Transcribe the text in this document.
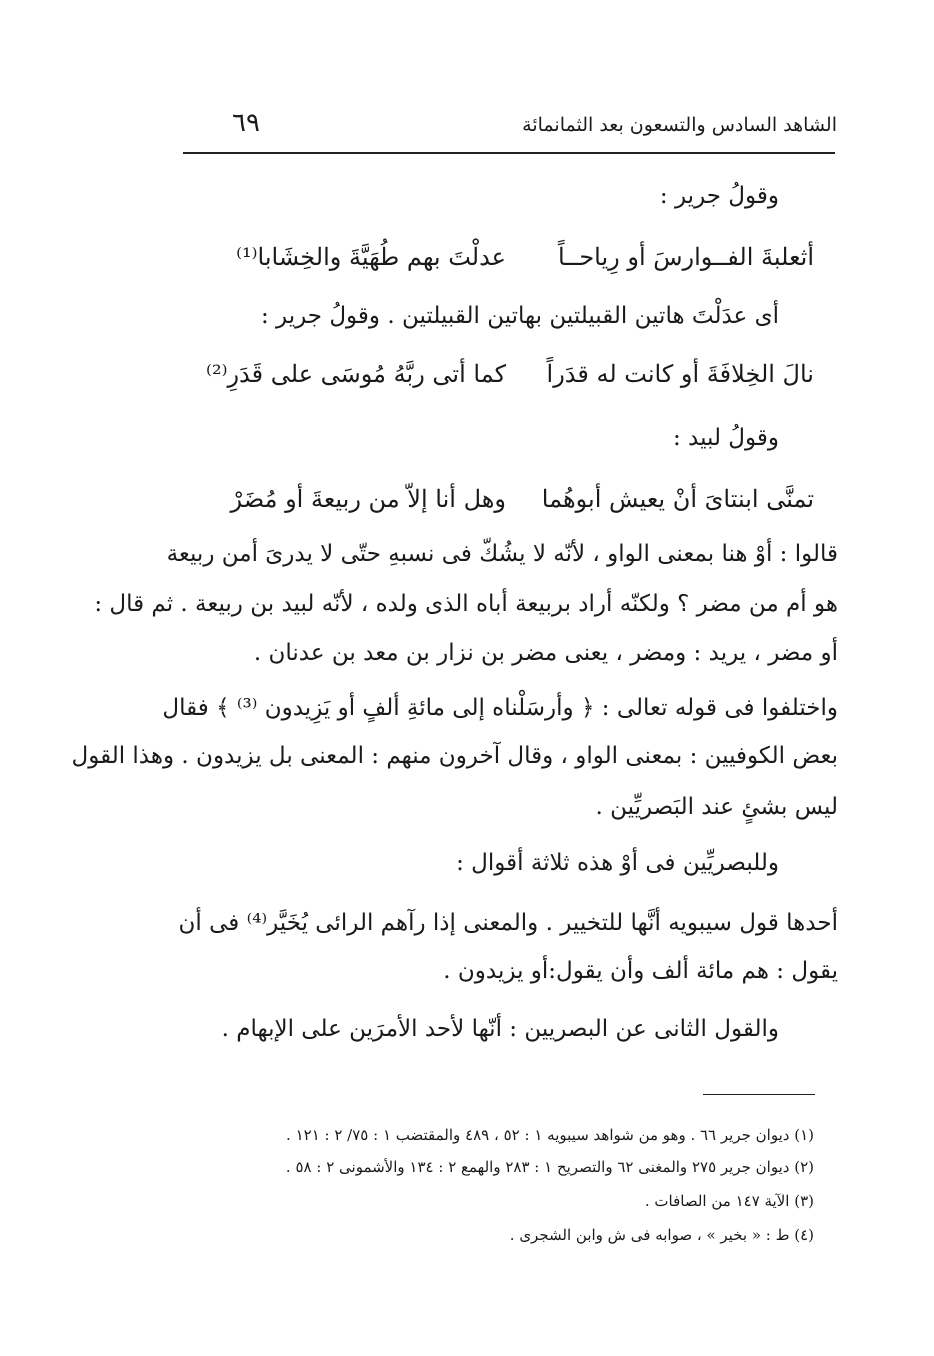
الشاهد السادس والتسعون بعد الثمانمائة
٦٩
وقولُ جرير :
أثعلبةَ الفــوارسَ أو رِياحــاً
عدلْتَ بهم طُهَيَّةَ والخِشَابا⁽¹⁾
أى عدَلْتَ هاتين القبيلتين بهاتين القبيلتين . وقولُ جرير :
نالَ الخِلافَةَ أو كانت له قدَراً
كما أتى ربَّهُ مُوسَى على قَدَرِ⁽²⁾
وقولُ لبيد :
تمنَّى ابنتاىَ أنْ يعيش أبوهُما
وهل أنا إلاّ من ربيعةَ أو مُضَرْ
قالوا : أوْ هنا بمعنى الواو ، لأنّه لا يشُكّ فى نسبهِ حتّى لا يدرىَ أمن ربيعة
هو أم من مضر ؟ ولكنّه أراد بربيعة أباه الذى ولده ، لأنّه لبيد بن ربيعة . ثم قال :
أو مضر ، يريد : ومضر ، يعنى مضر بن نزار بن معد بن عدنان .
واختلفوا فى قوله تعالى : ﴿ وأرسَلْناه إلى مائةِ ألفٍ أو يَزِيدون ⁽³⁾ ﴾ فقال
بعض الكوفيين : بمعنى الواو ، وقال آخرون منهم : المعنى بل يزيدون . وهذا القول
ليس بشئٍ عند البَصريِّين .
وللبصريِّين فى أوْ هذه ثلاثة أقوال :
أحدها قول سيبويه أنَّها للتخيير . والمعنى إذا رآهم الرائى يُخَيَّر⁽⁴⁾ فى أن
يقول : هم مائة ألف وأن يقول:أو يزيدون .
والقول الثانى عن البصريين : أنّها لأحد الأمرَين على الإبهام .
(١) ديوان جرير ٦٦ . وهو من شواهد سيبويه ١ : ٥٢ ، ٤٨٩ والمقتضب ١ : ٧٥/ ٢ : ١٢١ .
(٢) ديوان جرير ٢٧٥ والمغنى ٦٢ والتصريح ١ : ٢٨٣ والهمع ٢ : ١٣٤ والأشمونى ٢ : ٥٨ .
(٣) الآية ١٤٧ من الصافات .
(٤) ط : « بخير » ، صوابه فى ش وابن الشجرى .
